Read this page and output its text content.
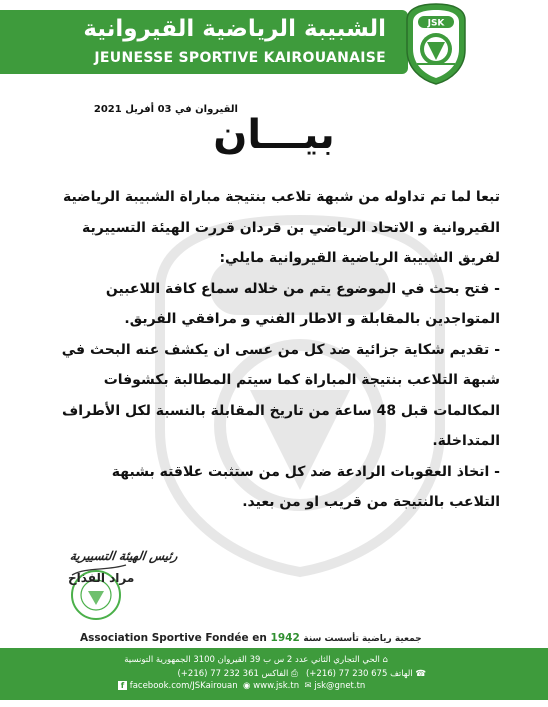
الشبيبة الرياضية القيروانية
JEUNESSE SPORTIVE KAIROUANAISE
JSK
القيروان في 03 أفريل 2021
بيـــان

تبعا لما تم تداوله من شبهة تلاعب بنتيجة مباراة الشبيبة الرياضية القيروانية و الاتحاد الرياضي بن قردان قررت الهيئة التسييرية لفريق الشبيبة الرياضية القيروانية مايلي:

- فتح بحث في الموضوع يتم من خلاله سماع كافة اللاعبين المتواجدين بالمقابلة و الاطار الفني و مرافقي الفريق.

- تقديم شكاية جزائية ضد كل من عسى ان يكشف عنه البحث في شبهة التلاعب بنتيجة المباراة كما سيتم المطالبة بكشوفات المكالمات قبل 48 ساعة من تاريخ المقابلة بالنسبة لكل الأطراف المتداخلة.

- اتخاذ العقوبات الرادعة ضد كل من ستثبت علاقته بشبهة التلاعب بالنتيجة من قريب او من بعيد.

رئيس الهيئة التسييرية
مراد الفذاح
Association Sportive Fondée en 1942 جمعية رياضية تأسست سنة
⌂ الحي التجاري الثاني عدد 2 س ب 39 القيروان 3100 الجمهورية التونسية
☎ الهاتف 675 230 77 (216+)   ⎙ الفاكس 361 232 77 (216+)
f facebook.com/JSKairouan ◉ www.jsk.tn ✉ jsk@gnet.tn
